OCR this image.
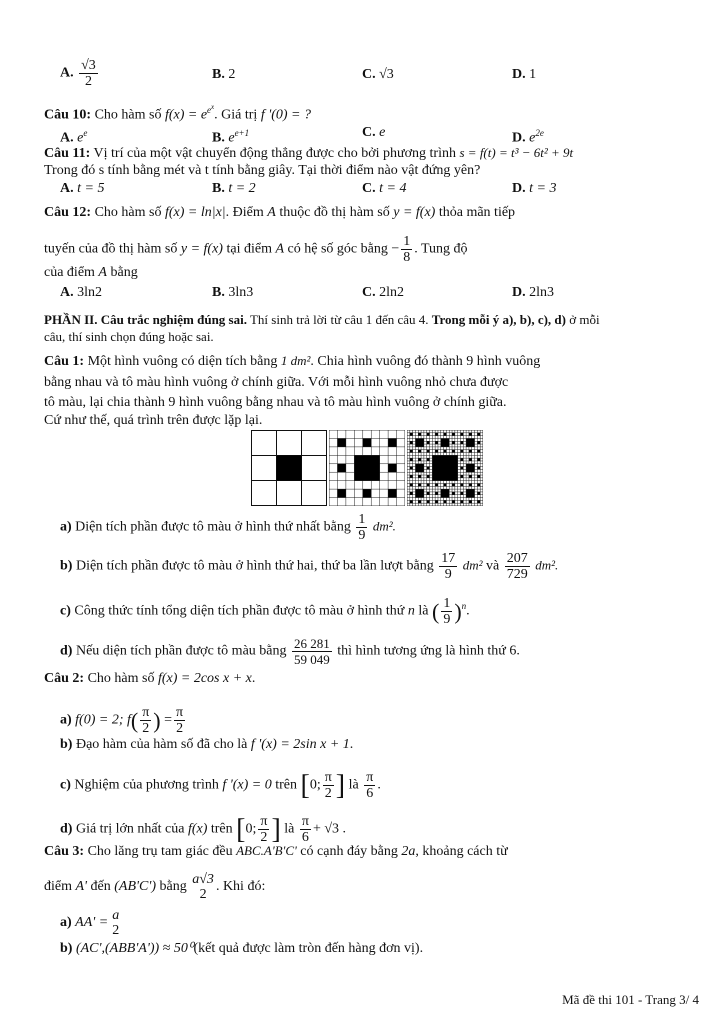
A. $\frac{√3}{2}$	B. 2	C. √3	D. 1
Câu 10: Cho hàm số $f(x) = e^{e^x}$. Giá trị f '(0) = ?
A. $e^e$	B. $e^{e+1}$	C. e	D. $e^{2e}$
Câu 11: Vị trí của một vật chuyển động thẳng được cho bởi phương trình s = f(t) = t³ − 6t² + 9t
Trong đó s tính bằng mét và t tính bằng giây. Tại thời điểm nào vật đứng yên?
A. t = 5	B. t = 2	C. t = 4	D. t = 3
Câu 12: Cho hàm số f(x) = ln|x|. Điểm A thuộc đồ thị hàm số y = f(x) thỏa mãn tiếp
tuyến của đồ thị hàm số y = f(x) tại điểm A có hệ số góc bằng − $\frac{1}{8}$ . Tung độ
của điểm A bằng
A. 3ln2	B. 3ln3	C. 2ln2	D. 2ln3
PHẦN II. Câu trắc nghiệm đúng sai. Thí sinh trả lời từ câu 1 đến câu 4. Trong mỗi ý a), b), c), d) ở mỗi
câu, thí sinh chọn đúng hoặc sai.
Câu 1: Một hình vuông có diện tích bằng 1 dm². Chia hình vuông đó thành 9 hình vuông
bằng nhau và tô màu hình vuông ở chính giữa. Với mỗi hình vuông nhỏ chưa được
tô màu, lại chia thành 9 hình vuông bằng nhau và tô màu hình vuông ở chính giữa.
Cứ như thế, quá trình trên được lặp lại.
a) Diện tích phần được tô màu ở hình thứ nhất bằng $\frac{1}{9} dm^2$.
b) Diện tích phần được tô màu ở hình thứ hai, thứ ba lần lượt bằng $\frac{17}{9} dm^2$ và $\frac{207}{729} dm^2$.
c) Công thức tính tổng diện tích phần được tô màu ở hình thứ n là ( $\frac{1}{9} )^n$.
d) Nếu diện tích phần được tô màu bằng $\frac{26 281}{59 049}$ thì hình tương ứng là hình thứ 6.
Câu 2: Cho hàm số f(x) = 2cos x + x.
a) f(0) = 2; $f( \frac{\pi}{2}$ ) = $\frac{\pi}{2}$
b) Đạo hàm của hàm số đã cho là f '(x) = 2sin x + 1.
c) Nghiệm của phương trình f '(x) = 0 trên [0; $\frac{\pi}{2}$ ] là $\frac{\pi}{6}$ .
d) Giá trị lớn nhất của f(x) trên [0; $\frac{\pi}{2}$ ] là $\frac{\pi}{6} + √3$ .
Câu 3: Cho lăng trụ tam giác đều ABC.A'B'C' có cạnh đáy bằng 2a, khoảng cách từ
điểm A' đến (AB'C') bằng a√3
2
. Khi đó:
a) AA' = a
2
b) (AC',(ABB'A')) ≈ 50⁰(kết quả được làm tròn đến hàng đơn vị).
Mã đề thi 101 - Trang 3/ 4
